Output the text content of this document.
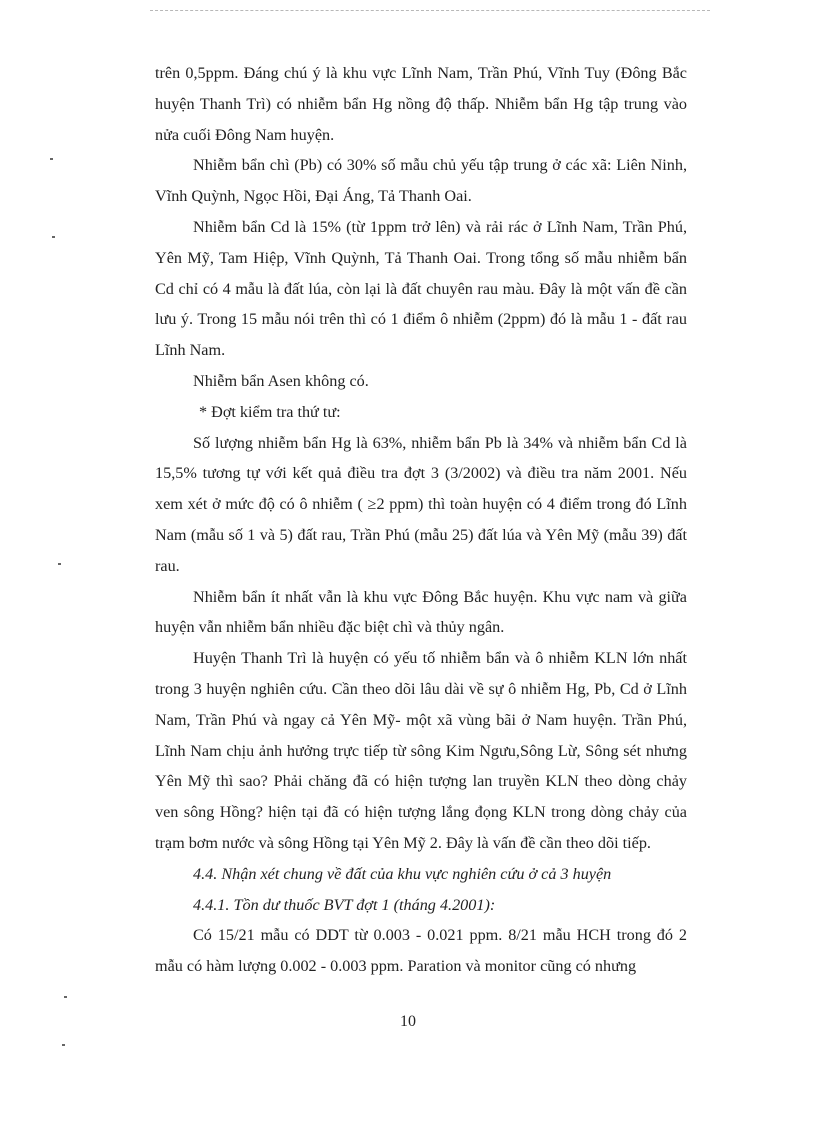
trên 0,5ppm. Đáng chú ý là khu vực Lĩnh Nam, Trần Phú, Vĩnh Tuy (Đông Bắc huyện Thanh Trì) có nhiễm bẩn Hg nồng độ thấp. Nhiễm bẩn Hg tập trung vào nửa cuối Đông Nam huyện.

Nhiễm bẩn chì (Pb) có 30% số mẫu chủ yếu tập trung ở các xã: Liên Ninh, Vĩnh Quỳnh, Ngọc Hồi, Đại Áng, Tả Thanh Oai.

Nhiễm bẩn Cd là 15% (từ 1ppm trở lên) và rải rác ở Lĩnh Nam, Trần Phú, Yên Mỹ, Tam Hiệp, Vĩnh Quỳnh, Tả Thanh Oai. Trong tổng số mẫu nhiễm bẩn Cd chỉ có 4 mẫu là đất lúa, còn lại là đất chuyên rau màu. Đây là một vấn đề cần lưu ý. Trong 15 mẫu nói trên thì có 1 điểm ô nhiễm (2ppm) đó là mẫu 1 - đất rau Lĩnh Nam.

Nhiễm bẩn Asen không có.

* Đợt kiểm tra thứ tư:

Số lượng nhiễm bẩn Hg là 63%, nhiễm bẩn Pb là 34% và nhiễm bẩn Cd là 15,5% tương tự với kết quả điều tra đợt 3 (3/2002) và điều tra năm 2001. Nếu xem xét ở mức độ có ô nhiễm ( ≥2 ppm) thì toàn huyện có 4 điểm trong đó Lĩnh Nam (mẫu số 1 và 5) đất rau, Trần Phú (mẫu 25) đất lúa và Yên Mỹ (mẫu 39) đất rau.

Nhiễm bẩn ít nhất vẫn là khu vực Đông Bắc huyện. Khu vực nam và giữa huyện vẫn nhiễm bẩn nhiều đặc biệt chì và thủy ngân.

Huyện Thanh Trì là huyện có yếu tố nhiễm bẩn và ô nhiễm KLN lớn nhất trong 3 huyện nghiên cứu. Cần theo dõi lâu dài về sự ô nhiễm Hg, Pb, Cd ở Lĩnh Nam, Trần Phú và ngay cả Yên Mỹ- một xã vùng bãi ở Nam huyện. Trần Phú, Lĩnh Nam chịu ảnh hưởng trực tiếp từ sông Kim Ngưu,Sông Lừ, Sông sét nhưng Yên Mỹ thì sao? Phải chăng đã có hiện tượng lan truyền KLN theo dòng chảy ven sông Hồng? hiện tại đã có hiện tượng lắng đọng KLN trong dòng chảy của trạm bơm nước và sông Hồng tại Yên Mỹ 2. Đây là vấn đề cần theo dõi tiếp.

4.4. Nhận xét chung về đất của khu vực nghiên cứu ở cả 3 huyện

4.4.1. Tồn dư thuốc BVT đợt 1 (tháng 4.2001):

Có 15/21 mẫu có DDT từ 0.003 - 0.021 ppm. 8/21 mẫu HCH trong đó 2 mẫu có hàm lượng 0.002 - 0.003 ppm. Paration và monitor cũng có nhưng

10
